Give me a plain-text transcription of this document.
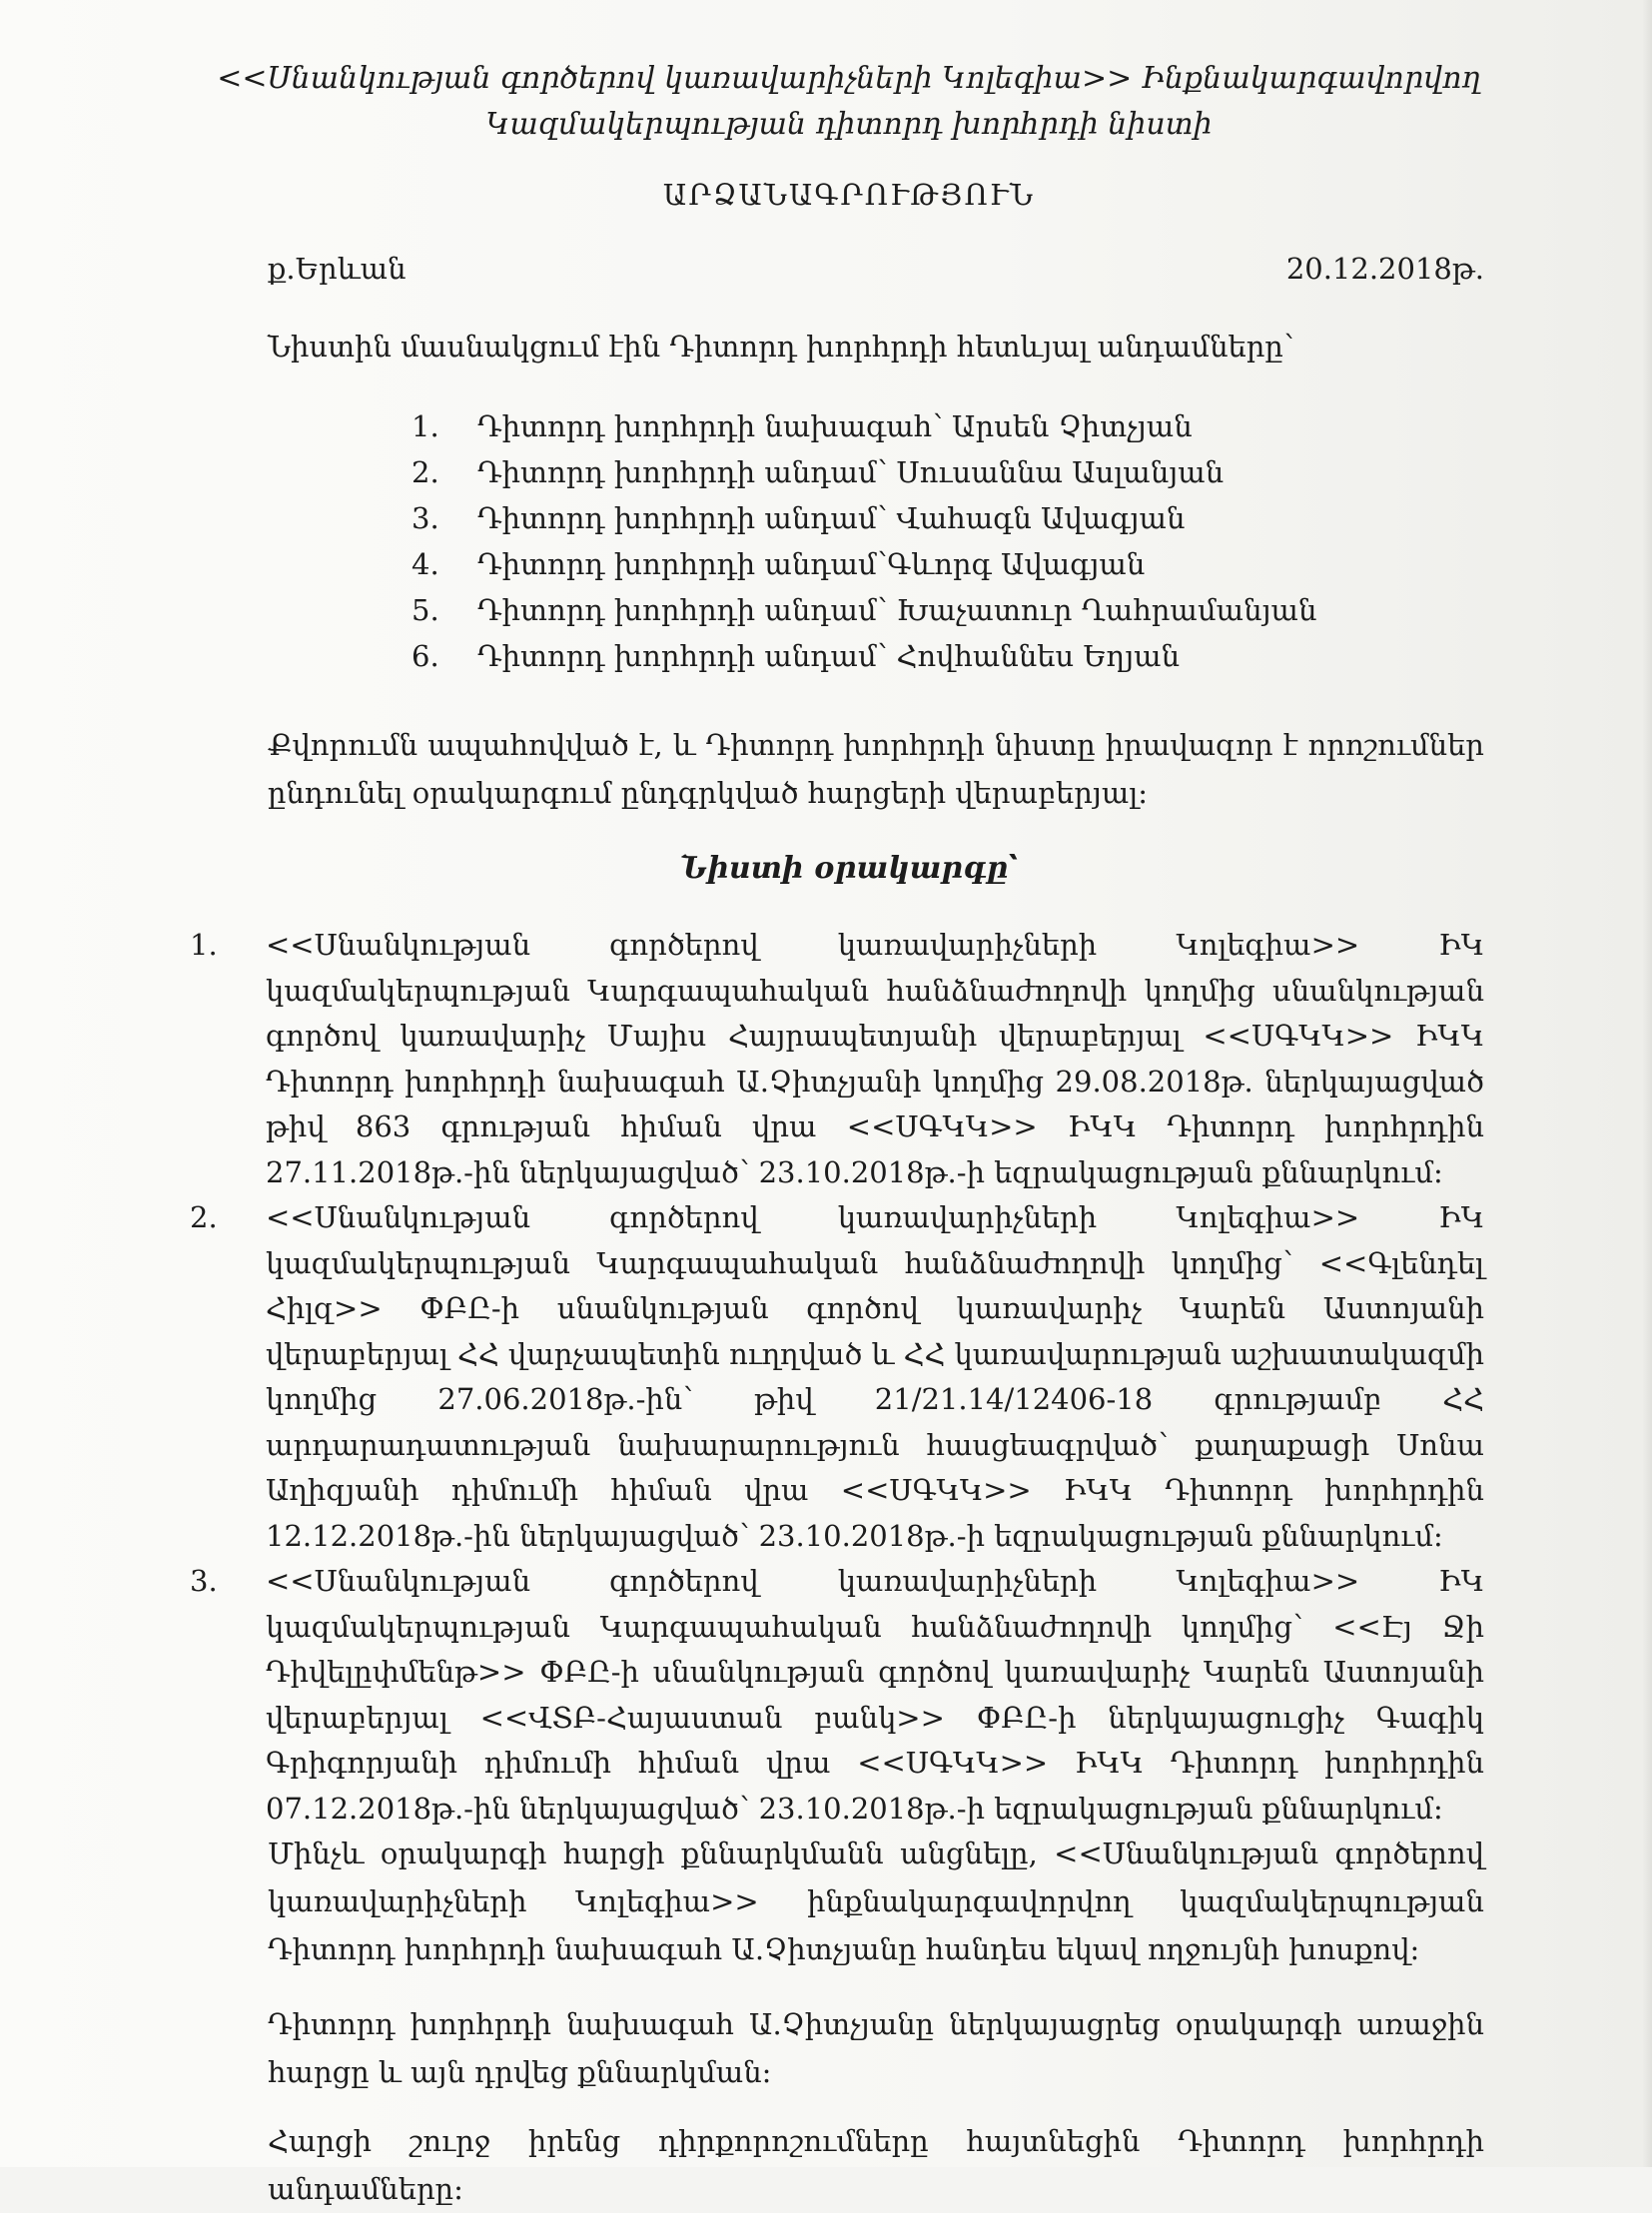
<<Սնանկության գործերով կառավարիչների Կոլեգիա>> Ինքնակարգավորվող

Կազմակերպության դիտորդ խորհրդի նիստի

ԱՐՁԱՆԱԳՐՈՒԹՅՈՒՆ

ք.Երևան	20.12.2018թ.

Նիստին մասնակցում էին Դիտորդ խորհրդի հետևյալ անդամները՝

1.	Դիտորդ խորհրդի նախագահ՝ Արսեն Չիտչյան
2.	Դիտորդ խորհրդի անդամ՝ Սուսաննա Ասլանյան
3.	Դիտորդ խորհրդի անդամ՝ Վահագն Ավագյան
4.	Դիտորդ խորհրդի անդամ՝Գևորգ Ավագյան
5.	Դիտորդ խորհրդի անդամ՝ Խաչատուր Ղահրամանյան
6.	Դիտորդ խորհրդի անդամ՝ Հովհաննես Եղյան

Քվորումն ապահովված է, և Դիտորդ խորհրդի նիստը իրավազոր է որոշումներ ընդունել օրակարգում ընդգրկված հարցերի վերաբերյալ:

Նիստի օրակարգը՝
1. <<Սնանկության գործերով կառավարիչների Կոլեգիա>> ԻԿ կազմակերպության Կարգապահական հանձնաժողովի կողմից սնանկության գործով կառավարիչ Մայիս Հայրապետյանի վերաբերյալ <<ՍԳԿԿ>> ԻԿԿ Դիտորդ խորհրդի նախագահ Ա.Չիտչյանի կողմից 29.08.2018թ. ներկայացված թիվ 863 գրության հիման վրա <<ՍԳԿԿ>> ԻԿԿ Դիտորդ խորհրդին 27.11.2018թ.-ին ներկայացված՝ 23.10.2018թ.-ի եզրակացության քննարկում:
2. <<Սնանկության գործերով կառավարիչների Կոլեգիա>> ԻԿ կազմակերպության Կարգապահական հանձնաժողովի կողմից՝ <<Գլենդել Հիլզ>> ՓԲԸ-ի սնանկության գործով կառավարիչ Կարեն Աստոյանի վերաբերյալ ՀՀ վարչապետին ուղղված և ՀՀ կառավարության աշխատակազմի կողմից 27.06.2018թ.-ին՝ թիվ 21/21.14/12406-18 գրությամբ ՀՀ արդարադատության նախարարություն հասցեագրված՝ քաղաքացի Սոնա Աղիզյանի դիմումի հիման վրա <<ՍԳԿԿ>> ԻԿԿ Դիտորդ խորհրդին 12.12.2018թ.-ին ներկայացված՝ 23.10.2018թ.-ի եզրակացության քննարկում:
3. <<Սնանկության գործերով կառավարիչների Կոլեգիա>> ԻԿ կազմակերպության Կարգապահական հանձնաժողովի կողմից՝ <<Էյ Ջի Դիվելըփմենթ>> ՓԲԸ-ի սնանկության գործով կառավարիչ Կարեն Աստոյանի վերաբերյալ <<ՎՏԲ-Հայաստան բանկ>> ՓԲԸ-ի ներկայացուցիչ Գագիկ Գրիգորյանի դիմումի հիման վրա <<ՍԳԿԿ>> ԻԿԿ Դիտորդ խորհրդին 07.12.2018թ.-ին ներկայացված՝ 23.10.2018թ.-ի եզրակացության քննարկում:

Մինչև օրակարգի հարցի քննարկմանն անցնելը, <<Սնանկության գործերով կառավարիչների Կոլեգիա>> ինքնակարգավորվող կազմակերպության Դիտորդ խորհրդի նախագահ Ա.Չիտչյանը հանդես եկավ ողջույնի խոսքով:

Դիտորդ խորհրդի նախագահ Ա.Չիտչյանը ներկայացրեց օրակարգի առաջին հարցը և այն դրվեց քննարկման:

Հարցի շուրջ իրենց դիրքորոշումները հայտնեցին Դիտորդ խորհրդի անդամները:
